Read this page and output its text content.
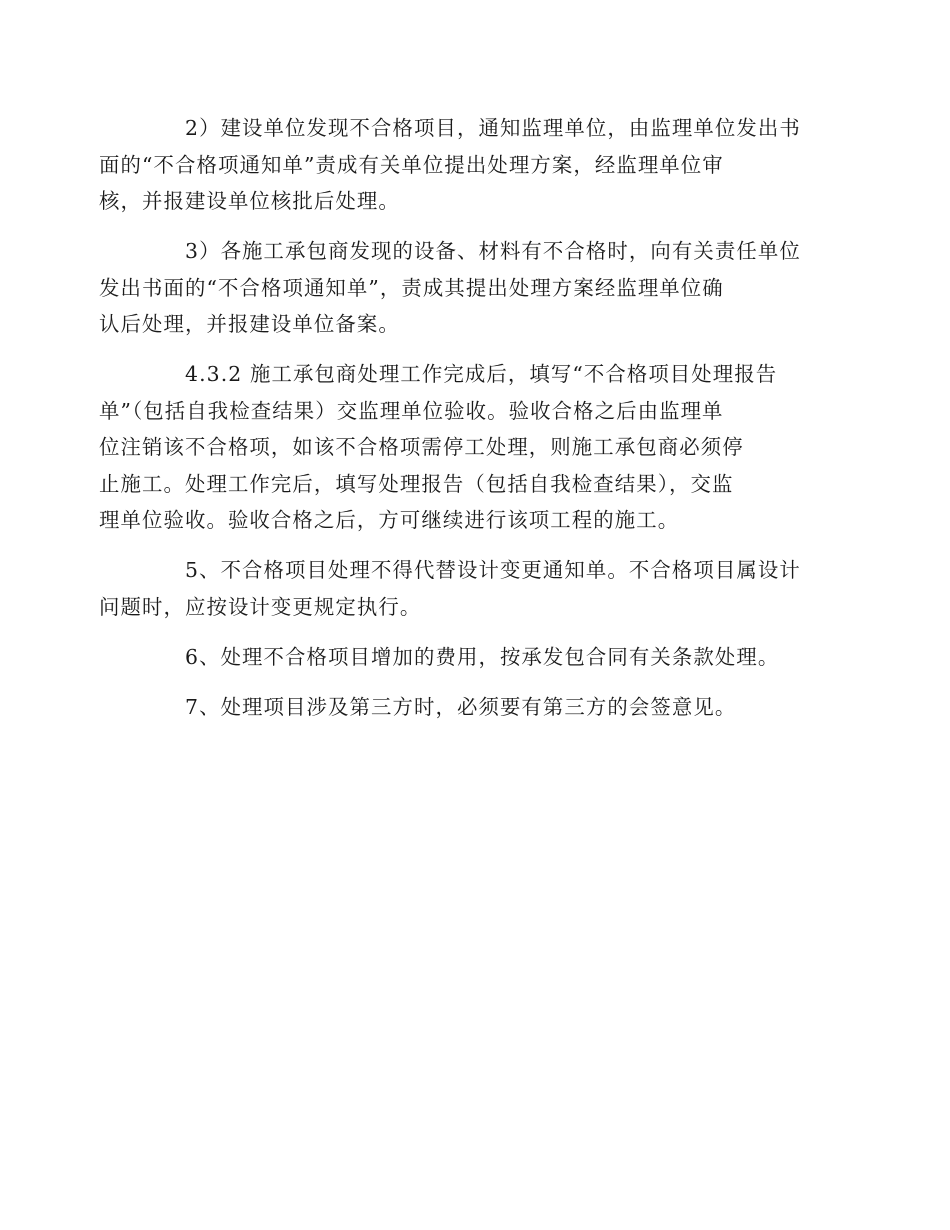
2）建设单位发现不合格项目，通知监理单位，由监理单位发出书
面的“不合格项通知单”责成有关单位提出处理方案，经监理单位审
核，并报建设单位核批后处理。

3）各施工承包商发现的设备、材料有不合格时，向有关责任单位
发出书面的“不合格项通知单”，责成其提出处理方案经监理单位确
认后处理，并报建设单位备案。

4.3.2 施工承包商处理工作完成后，填写“不合格项目处理报告
单”（包括自我检查结果）交监理单位验收。验收合格之后由监理单
位注销该不合格项，如该不合格项需停工处理，则施工承包商必须停
止施工。处理工作完后，填写处理报告（包括自我检查结果），交监
理单位验收。验收合格之后，方可继续进行该项工程的施工。

5、不合格项目处理不得代替设计变更通知单。不合格项目属设计
问题时，应按设计变更规定执行。

6、处理不合格项目增加的费用，按承发包合同有关条款处理。

7、处理项目涉及第三方时，必须要有第三方的会签意见。
